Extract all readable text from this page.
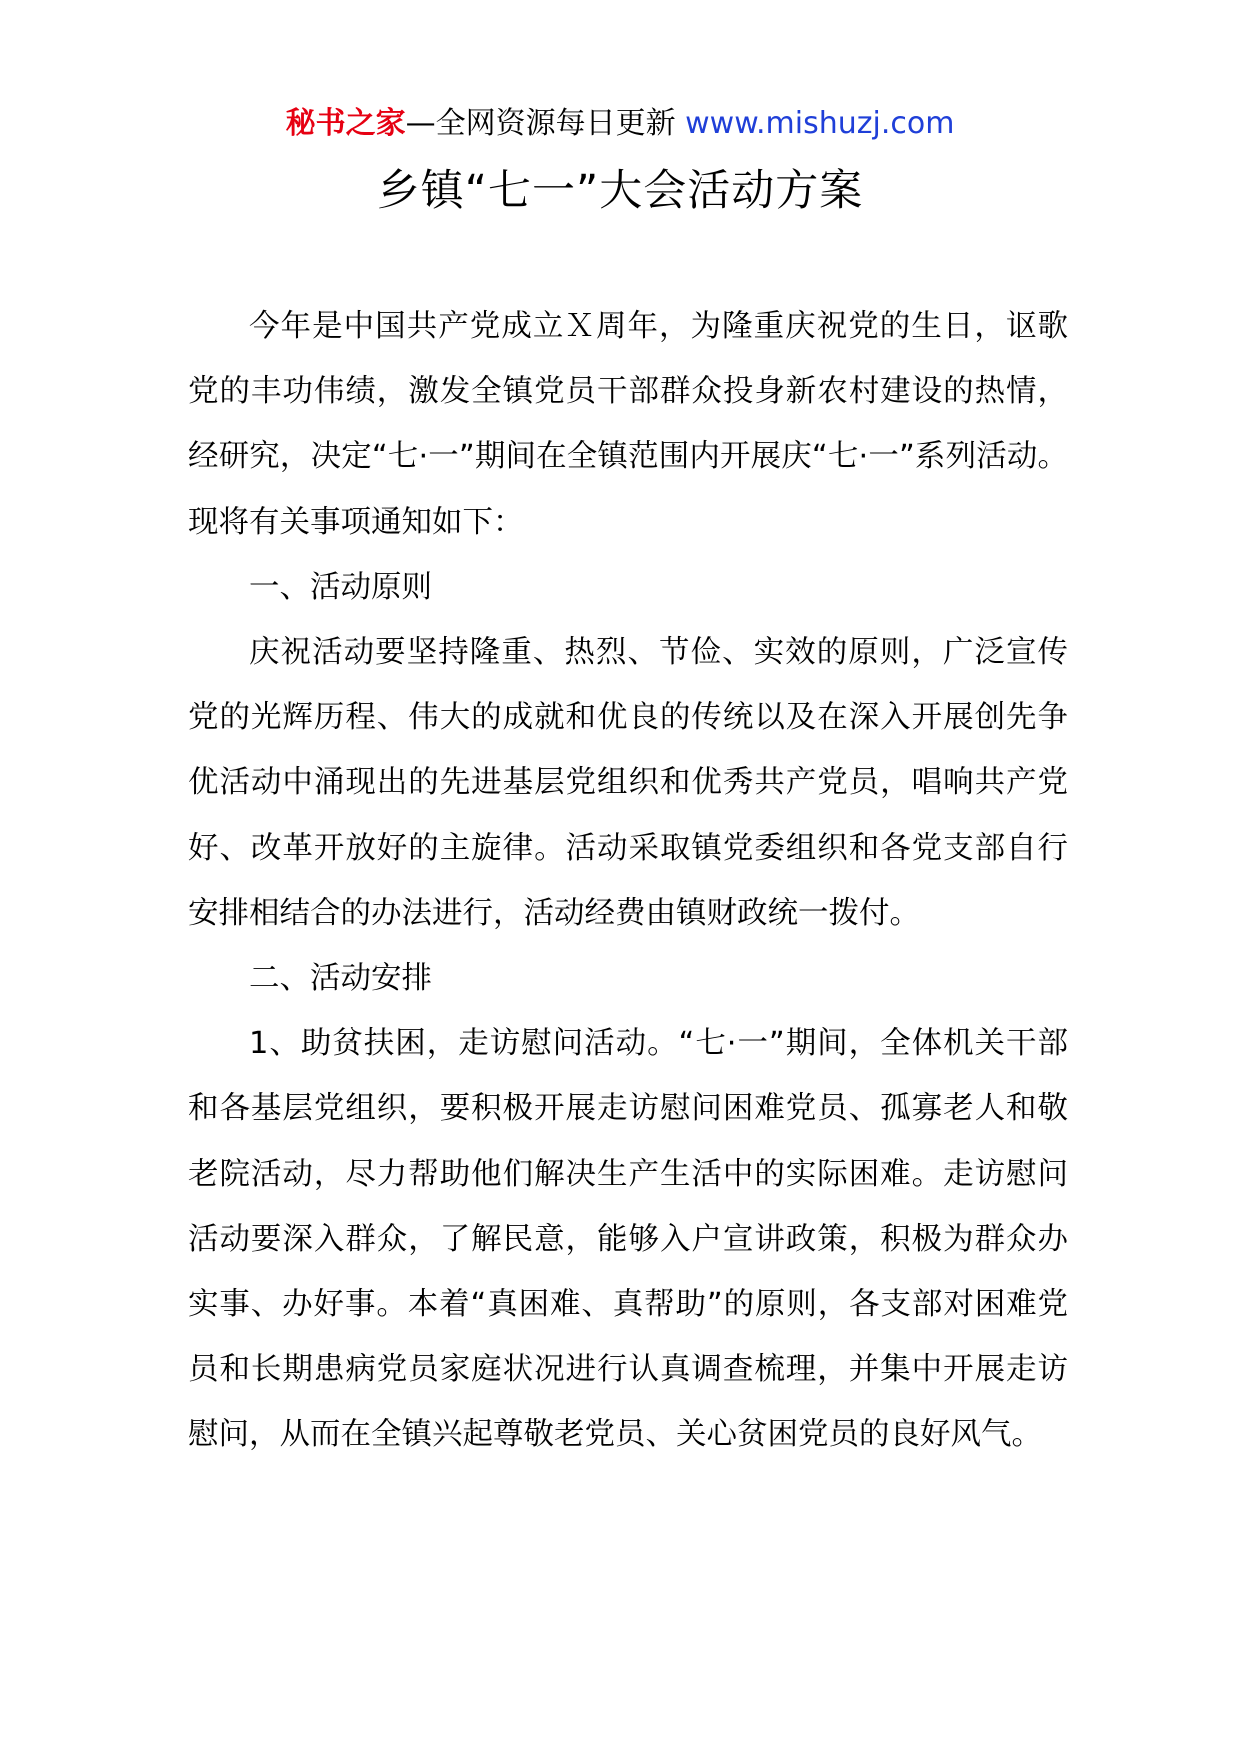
秘书之家—全网资源每日更新 www.mishuzj.com
乡镇“七一”大会活动方案

今年是中国共产党成立Ｘ周年，为隆重庆祝党的生日，讴歌党的丰功伟绩，激发全镇党员干部群众投身新农村建设的热情，经研究，决定“七·一”期间在全镇范围内开展庆“七·一”系列活动。现将有关事项通知如下：

一、活动原则

庆祝活动要坚持隆重、热烈、节俭、实效的原则，广泛宣传党的光辉历程、伟大的成就和优良的传统以及在深入开展创先争优活动中涌现出的先进基层党组织和优秀共产党员，唱响共产党好、改革开放好的主旋律。活动采取镇党委组织和各党支部自行安排相结合的办法进行，活动经费由镇财政统一拨付。

二、活动安排

1、助贫扶困，走访慰问活动。“七·一”期间，全体机关干部和各基层党组织，要积极开展走访慰问困难党员、孤寡老人和敬老院活动，尽力帮助他们解决生产生活中的实际困难。走访慰问活动要深入群众，了解民意，能够入户宣讲政策，积极为群众办实事、办好事。本着“真困难、真帮助”的原则，各支部对困难党员和长期患病党员家庭状况进行认真调查梳理，并集中开展走访慰问，从而在全镇兴起尊敬老党员、关心贫困党员的良好风气。
